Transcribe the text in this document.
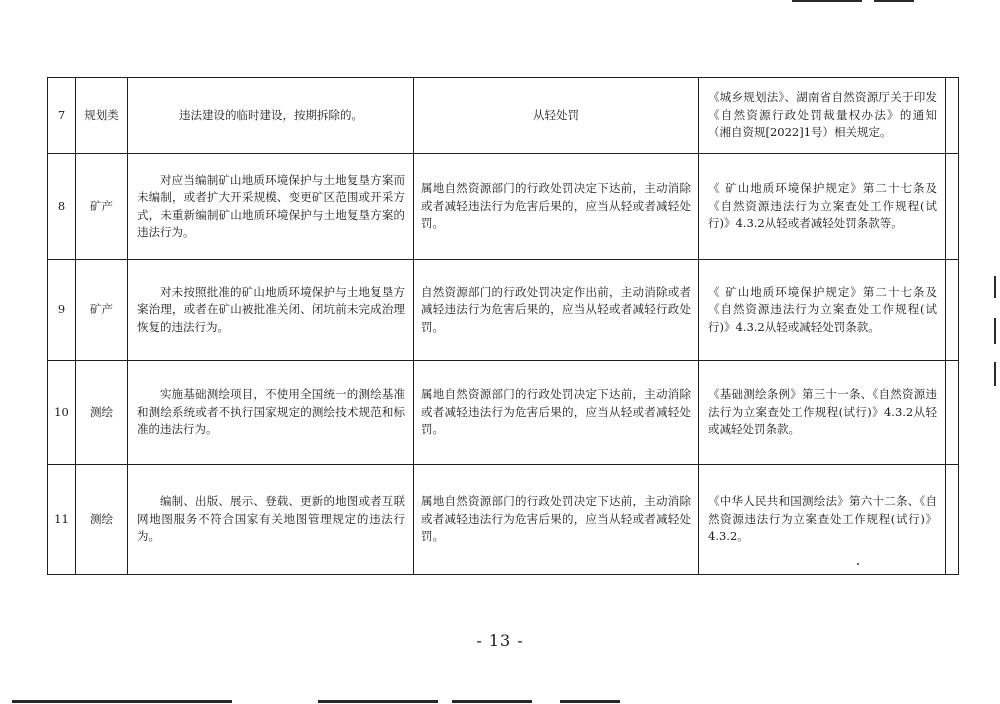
7	规划类	违法建设的临时建设，按期拆除的。	从轻处罚	《城乡规划法》、湖南省自然资源厅关于印发《自然资源行政处罚裁量权办法》的通知（湘自资规[2022]1号）相关规定。	
8	矿产	对应当编制矿山地质环境保护与土地复垦方案而未编制，或者扩大开采规模、变更矿区范围或开采方式，未重新编制矿山地质环境保护与土地复垦方案的违法行为。	属地自然资源部门的行政处罚决定下达前，主动消除或者减轻违法行为危害后果的，应当从轻或者减轻处罚。	《 矿山地质环境保护规定》第二十七条及《自然资源违法行为立案查处工作规程(试行)》4.3.2从轻或者减轻处罚条款等。	
9	矿产	对未按照批准的矿山地质环境保护与土地复垦方案治理，或者在矿山被批准关闭、闭坑前未完成治理恢复的违法行为。	自然资源部门的行政处罚决定作出前，主动消除或者减轻违法行为危害后果的，应当从轻或者减轻行政处罚。	《 矿山地质环境保护规定》第二十七条及《自然资源违法行为立案查处工作规程(试行)》4.3.2从轻或减轻处罚条款。	
10	测绘	实施基础测绘项目，不使用全国统一的测绘基准和测绘系统或者不执行国家规定的测绘技术规范和标准的违法行为。	属地自然资源部门的行政处罚决定下达前，主动消除或者减轻违法行为危害后果的，应当从轻或者减轻处罚。	《基础测绘条例》第三十一条、《自然资源违法行为立案查处工作规程(试行)》4.3.2从轻或减轻处罚条款。	
11	测绘	编制、出版、展示、登载、更新的地图或者互联网地图服务不符合国家有关地图管理规定的违法行为。	属地自然资源部门的行政处罚决定下达前，主动消除或者减轻违法行为危害后果的，应当从轻或者减轻处罚。	《中华人民共和国测绘法》第六十二条、《自然资源违法行为立案查处工作规程(试行)》4.3.2。	
- 13 -
